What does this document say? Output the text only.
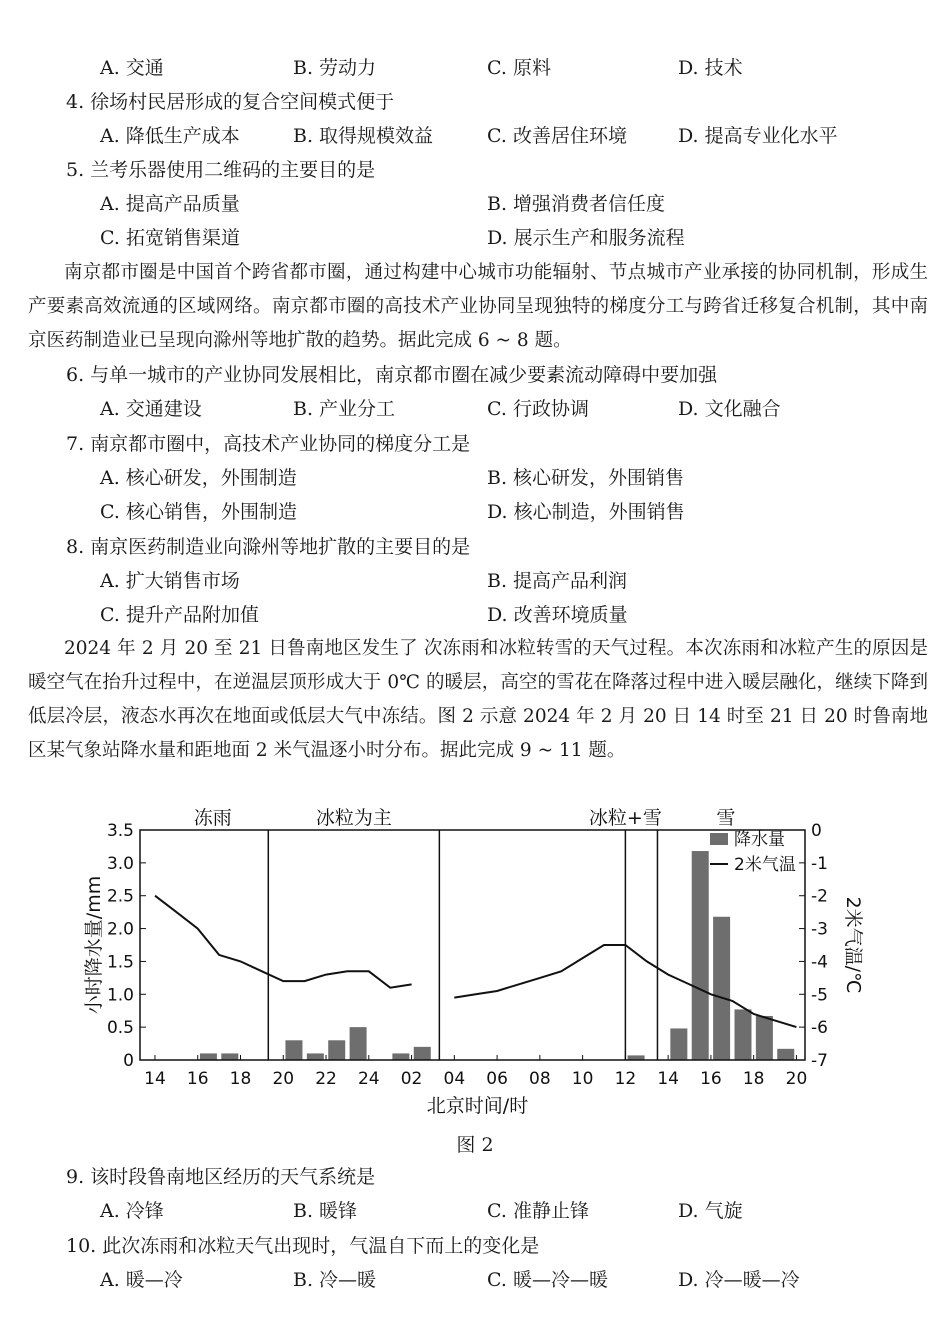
A. 交通	B. 劳动力	C. 原料	D. 技术
4. 徐场村民居形成的复合空间模式便于
A. 降低生产成本	B. 取得规模效益	C. 改善居住环境	D. 提高专业化水平
5. 兰考乐器使用二维码的主要目的是
A. 提高产品质量	B. 增强消费者信任度
C. 拓宽销售渠道	D. 展示生产和服务流程
南京都市圈是中国首个跨省都市圈，通过构建中心城市功能辐射、节点城市产业承接的协同机制，形成生产要素高效流通的区域网络。南京都市圈的高技术产业协同呈现独特的梯度分工与跨省迁移复合机制，其中南京医药制造业已呈现向滁州等地扩散的趋势。据此完成 6 ~ 8 题。
6. 与单一城市的产业协同发展相比，南京都市圈在减少要素流动障碍中要加强
A. 交通建设	B. 产业分工	C. 行政协调	D. 文化融合
7. 南京都市圈中，高技术产业协同的梯度分工是
A. 核心研发，外围制造	B. 核心研发，外围销售
C. 核心销售，外围制造	D. 核心制造，外围销售
8. 南京医药制造业向滁州等地扩散的主要目的是
A. 扩大销售市场	B. 提高产品利润
C. 提升产品附加值	D. 改善环境质量
2024 年 2 月 20 至 21 日鲁南地区发生了 次冻雨和冰粒转雪的天气过程。本次冻雨和冰粒产生的原因是暖空气在抬升过程中，在逆温层顶形成大于 0℃ 的暖层，高空的雪花在降落过程中进入暖层融化，继续下降到低层冷层，液态水再次在地面或低层大气中冻结。图 2 示意 2024 年 2 月 20 日 14 时至 21 日 20 时鲁南地区某气象站降水量和距地面 2 米气温逐小时分布。据此完成 9 ~ 11 题。
冻雨	冰粒为主	冰粒+雪	雪
0
0.5
1.0
1.5
2.0
2.5
3.0
3.5	0
-1
-2
-3
-4
-5
-6
-7
14 16 18 20 22 24 02 04 06 08 10 12 14 16 18 20
北京时间/时
小时降水量/mm	2米气温/℃
降水量
2米气温
图 2
9. 该时段鲁南地区经历的天气系统是
A. 冷锋	B. 暖锋	C. 准静止锋	D. 气旋
10. 此次冻雨和冰粒天气出现时，气温自下而上的变化是
A. 暖—冷	B. 冷—暖	C. 暖—冷—暖	D. 冷—暖—冷
